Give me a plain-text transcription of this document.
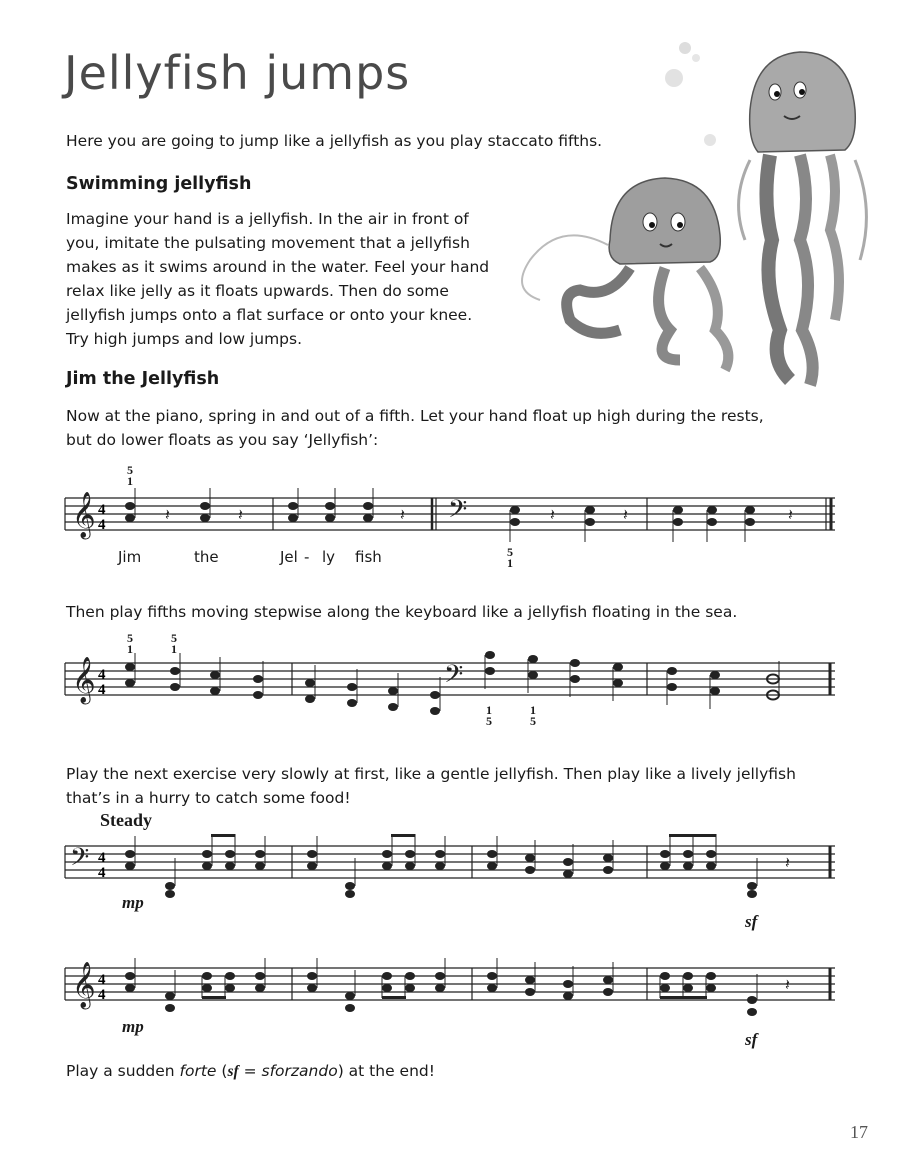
Jellyfish jumps
Here you are going to jump like a jellyfish as you play staccato fifths.
Swimming jellyfish
Imagine your hand is a jellyfish. In the air in front of
you, imitate the pulsating movement that a jellyfish
makes as it swims around in the water. Feel your hand
relax like jelly as it floats upwards. Then do some
jellyfish jumps onto a flat surface or onto your knee.
Try high jumps and low jumps.
Jim the Jellyfish
Now at the piano, spring in and out of a fifth. Let your hand float up high during the rests,
but do lower floats as you say ‘Jellyfish’:
𝄞 4
4	𝄢
𝄽	𝄽	𝄽	𝄽	𝄽	𝄽
5
1
5
1
Jim	the	Jel - ly fish
Then play fifths moving stepwise along the keyboard like a jellyfish floating in the sea.
𝄞 4
4	𝄢
5
1
5
1
1
5
1
5
Play the next exercise very slowly at first, like a gentle jellyfish. Then play like a lively jellyfish
that’s in a hurry to catch some food!
Steady
𝄢 4
4
𝄽
mp
sf
𝄞 4
4
𝄽
mp
sf
Play a sudden forte (sf = sforzando) at the end!
17
